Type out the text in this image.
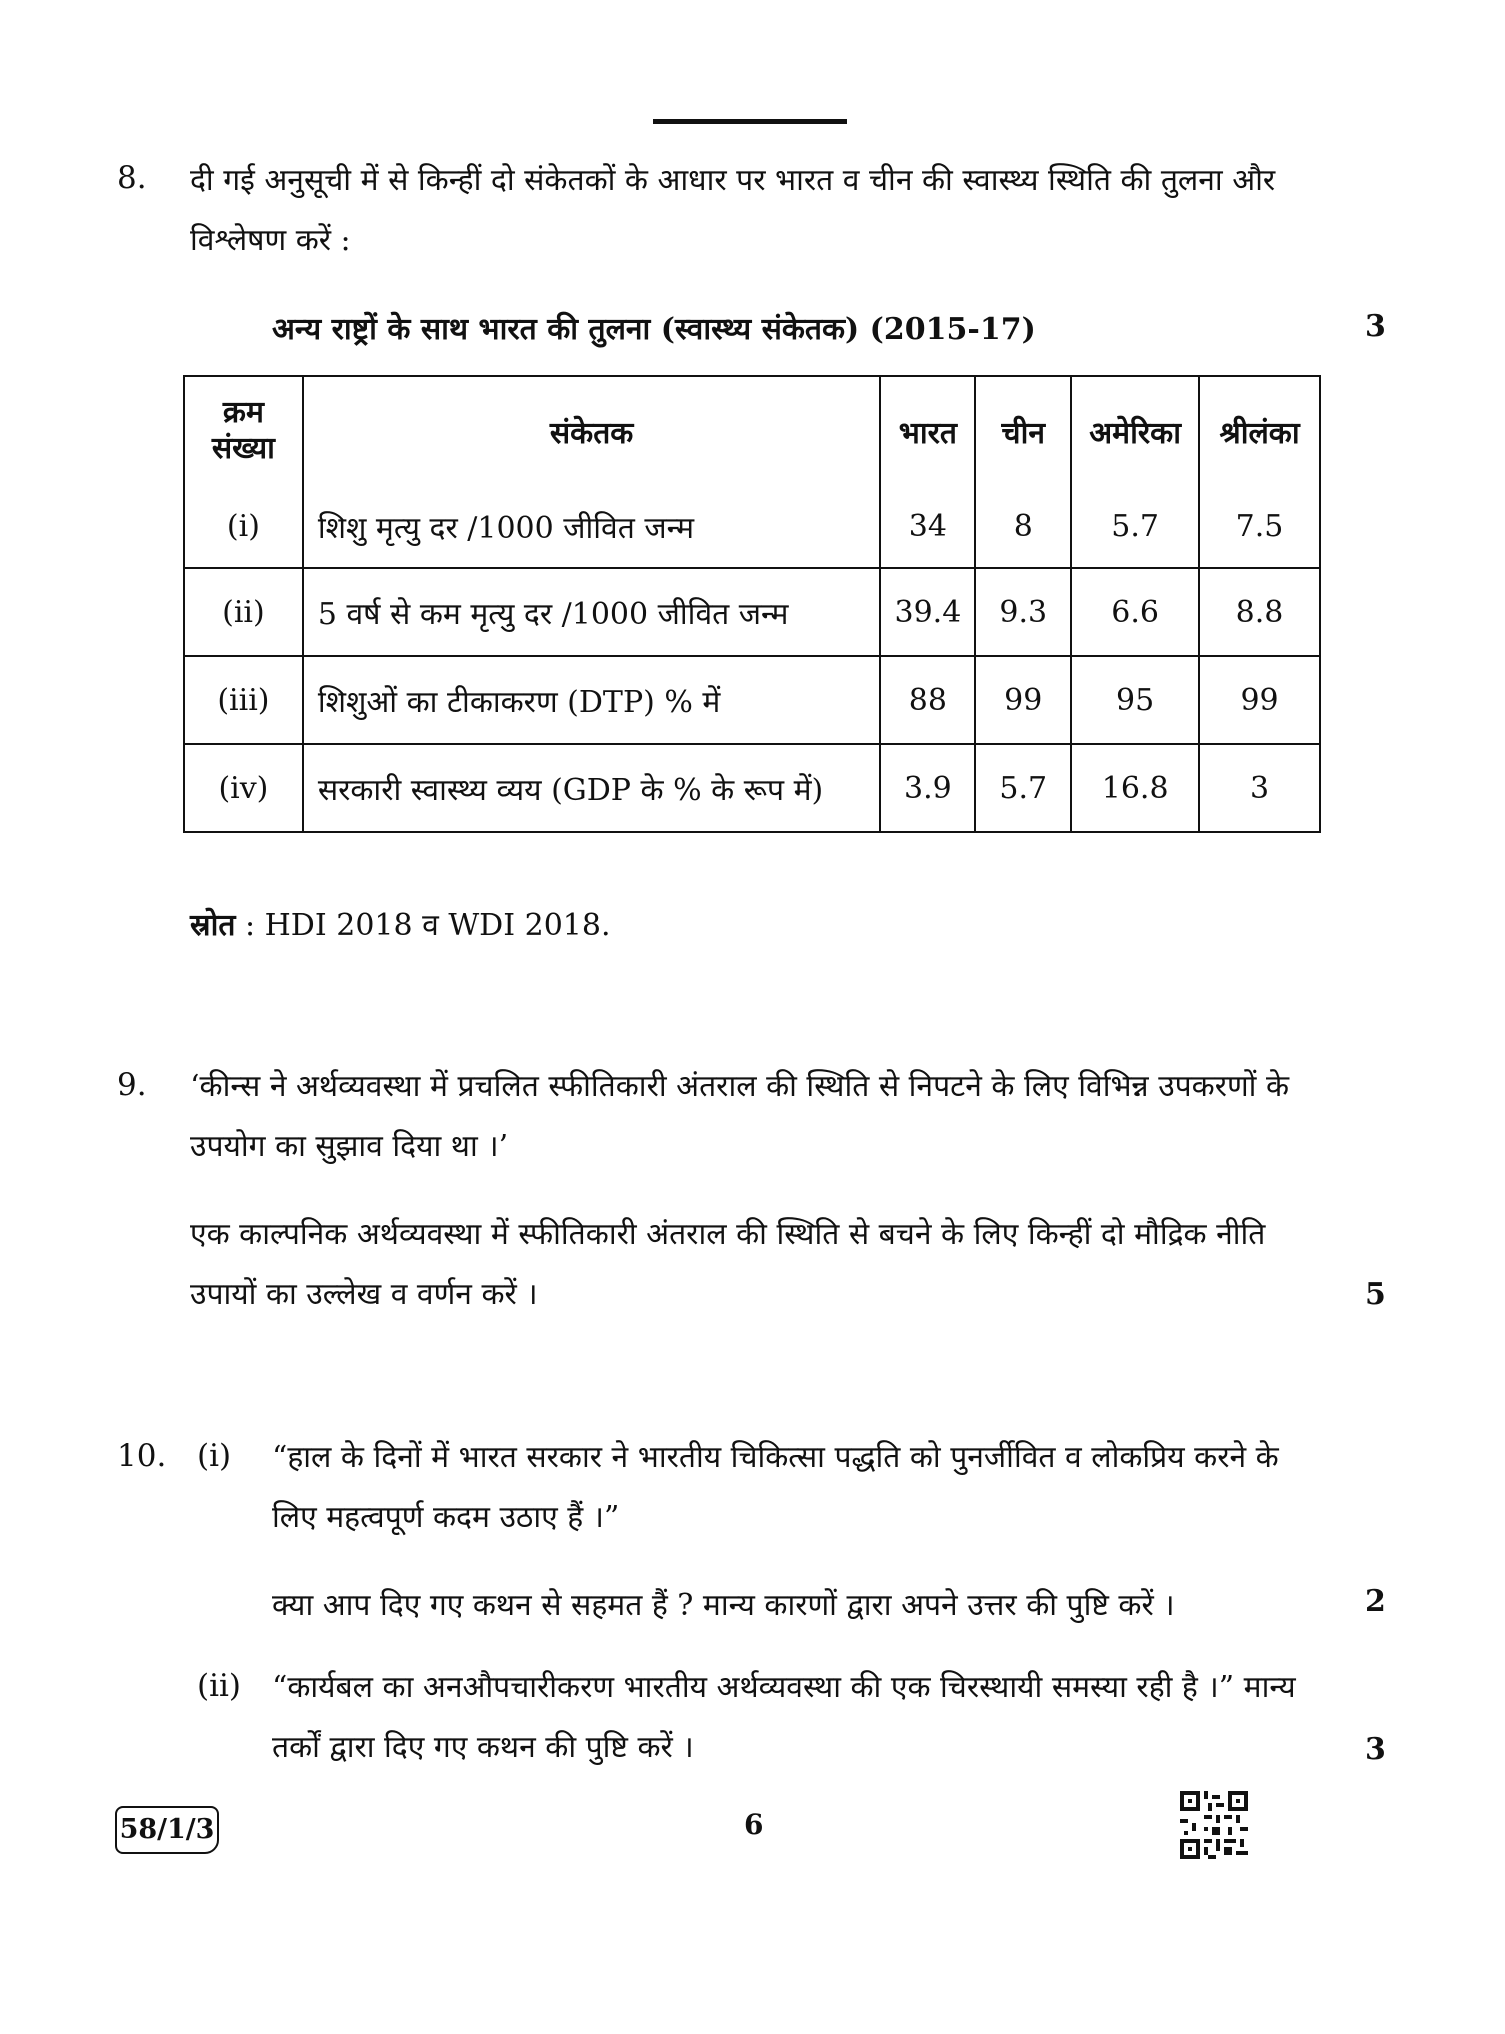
8. दी गई अनुसूची में से किन्हीं दो संकेतकों के आधार पर भारत व चीन की स्वास्थ्य स्थिति की तुलना और
विश्लेषण करें :
अन्य राष्ट्रों के साथ भारत की तुलना (स्वास्थ्य संकेतक) (2015-17)	3
क्रम
संख्या	संकेतक	भारत	चीन	अमेरिका	श्रीलंका
(i)	शिशु मृत्यु दर /1000 जीवित जन्म	34	8	5.7	7.5
(ii)	5 वर्ष से कम मृत्यु दर /1000 जीवित जन्म	39.4	9.3	6.6	8.8
(iii)	शिशुओं का टीकाकरण (DTP) % में	88	99	95	99
(iv)	सरकारी स्वास्थ्य व्यय (GDP के % के रूप में)	3.9	5.7	16.8	3
स्रोत : HDI 2018 व WDI 2018.
9. ‘कीन्स ने अर्थव्यवस्था में प्रचलित स्फीतिकारी अंतराल की स्थिति से निपटने के लिए विभिन्न उपकरणों के
उपयोग का सुझाव दिया था ।’
एक काल्पनिक अर्थव्यवस्था में स्फीतिकारी अंतराल की स्थिति से बचने के लिए किन्हीं दो मौद्रिक नीति
उपायों का उल्लेख व वर्णन करें ।	5
10. (i) “हाल के दिनों में भारत सरकार ने भारतीय चिकित्सा पद्धति को पुनर्जीवित व लोकप्रिय करने के
लिए महत्वपूर्ण कदम उठाए हैं ।”
क्या आप दिए गए कथन से सहमत हैं ? मान्य कारणों द्वारा अपने उत्तर की पुष्टि करें ।	2
(ii) “कार्यबल का अनऔपचारीकरण भारतीय अर्थव्यवस्था की एक चिरस्थायी समस्या रही है ।” मान्य
तर्कों द्वारा दिए गए कथन की पुष्टि करें ।	3
58/1/3	6
